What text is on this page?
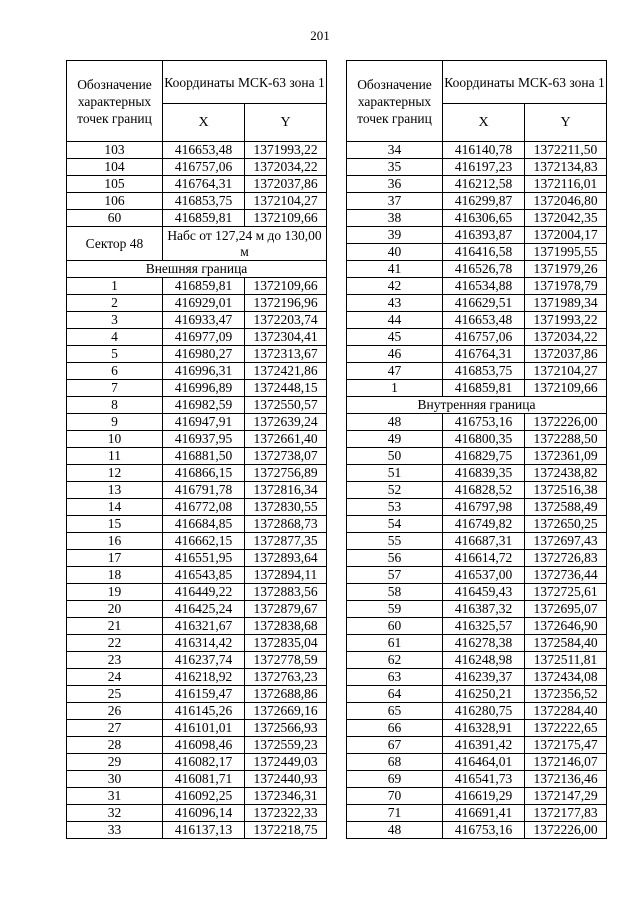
201
Обозначение характерных точек границ	Координаты МСК-63 зона 1	
	X	Y
103	416653,48	1371993,22
104	416757,06	1372034,22
105	416764,31	1372037,86
106	416853,75	1372104,27
60	416859,81	1372109,66
Сектор 48	Набс от 127,24 м до 130,00 м	
Внешняя граница		
1	416859,81	1372109,66
2	416929,01	1372196,96
3	416933,47	1372203,74
4	416977,09	1372304,41
5	416980,27	1372313,67
6	416996,31	1372421,86
7	416996,89	1372448,15
8	416982,59	1372550,57
9	416947,91	1372639,24
10	416937,95	1372661,40
11	416881,50	1372738,07
12	416866,15	1372756,89
13	416791,78	1372816,34
14	416772,08	1372830,55
15	416684,85	1372868,73
16	416662,15	1372877,35
17	416551,95	1372893,64
18	416543,85	1372894,11
19	416449,22	1372883,56
20	416425,24	1372879,67
21	416321,67	1372838,68
22	416314,42	1372835,04
23	416237,74	1372778,59
24	416218,92	1372763,23
25	416159,47	1372688,86
26	416145,26	1372669,16
27	416101,01	1372566,93
28	416098,46	1372559,23
29	416082,17	1372449,03
30	416081,71	1372440,93
31	416092,25	1372346,31
32	416096,14	1372322,33
33	416137,13	1372218,75
Обозначение характерных точек границ	Координаты МСК-63 зона 1	
	X	Y
34	416140,78	1372211,50
35	416197,23	1372134,83
36	416212,58	1372116,01
37	416299,87	1372046,80
38	416306,65	1372042,35
39	416393,87	1372004,17
40	416416,58	1371995,55
41	416526,78	1371979,26
42	416534,88	1371978,79
43	416629,51	1371989,34
44	416653,48	1371993,22
45	416757,06	1372034,22
46	416764,31	1372037,86
47	416853,75	1372104,27
1	416859,81	1372109,66
Внутренняя граница		
48	416753,16	1372226,00
49	416800,35	1372288,50
50	416829,75	1372361,09
51	416839,35	1372438,82
52	416828,52	1372516,38
53	416797,98	1372588,49
54	416749,82	1372650,25
55	416687,31	1372697,43
56	416614,72	1372726,83
57	416537,00	1372736,44
58	416459,43	1372725,61
59	416387,32	1372695,07
60	416325,57	1372646,90
61	416278,38	1372584,40
62	416248,98	1372511,81
63	416239,37	1372434,08
64	416250,21	1372356,52
65	416280,75	1372284,40
66	416328,91	1372222,65
67	416391,42	1372175,47
68	416464,01	1372146,07
69	416541,73	1372136,46
70	416619,29	1372147,29
71	416691,41	1372177,83
48	416753,16	1372226,00
